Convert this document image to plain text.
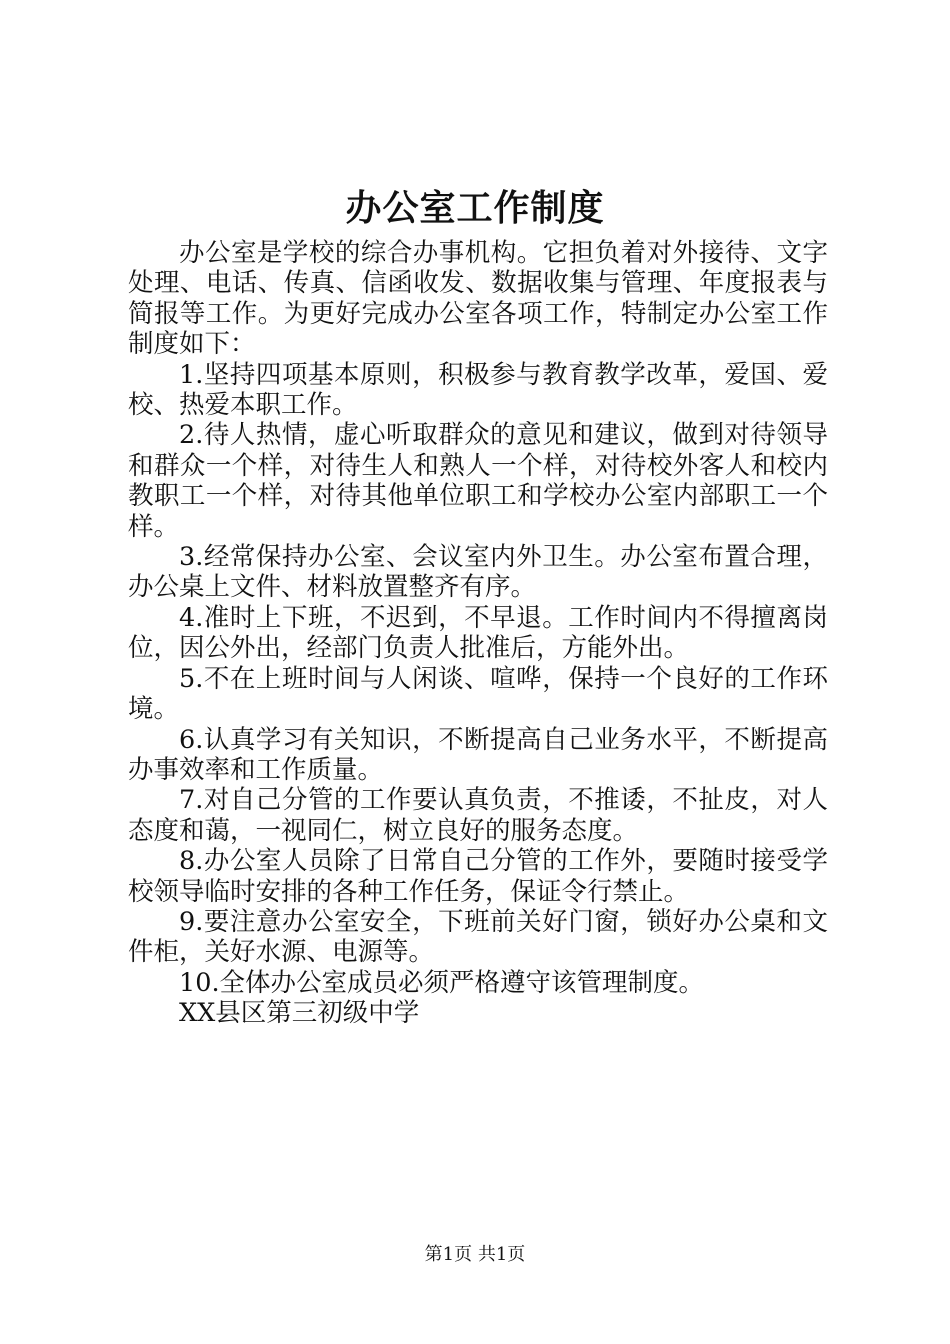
办公室工作制度

办公室是学校的综合办事机构。它担负着对外接待、文字处理、电话、传真、信函收发、数据收集与管理、年度报表与简报等工作。为更好完成办公室各项工作，特制定办公室工作制度如下：

1.坚持四项基本原则，积极参与教育教学改革，爱国、爱校、热爱本职工作。

2.待人热情，虚心听取群众的意见和建议，做到对待领导和群众一个样，对待生人和熟人一个样，对待校外客人和校内教职工一个样，对待其他单位职工和学校办公室内部职工一个样。

3.经常保持办公室、会议室内外卫生。办公室布置合理，办公桌上文件、材料放置整齐有序。

4.准时上下班，不迟到，不早退。工作时间内不得擅离岗位，因公外出，经部门负责人批准后，方能外出。

5.不在上班时间与人闲谈、喧哗，保持一个良好的工作环境。

6.认真学习有关知识，不断提高自己业务水平，不断提高办事效率和工作质量。

7.对自己分管的工作要认真负责，不推诿，不扯皮，对人态度和蔼，一视同仁，树立良好的服务态度。

8.办公室人员除了日常自己分管的工作外，要随时接受学校领导临时安排的各种工作任务，保证令行禁止。

9.要注意办公室安全，下班前关好门窗，锁好办公桌和文件柜，关好水源、电源等。

10.全体办公室成员必须严格遵守该管理制度。

XX县区第三初级中学

第1页 共1页
